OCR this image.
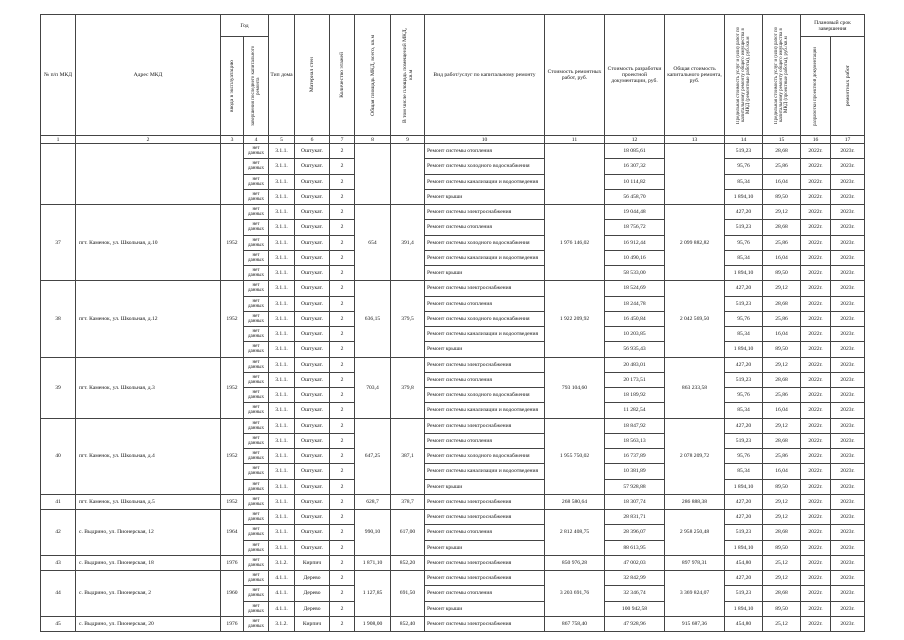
№ п/п МКД	Адрес МКД	Год		Тип дома	Материал стен	Количество этажей	Общая площадь МКД, всего, кв.м	В том числе площадь помещений МКД, кв.м	Вид работ/услуг по капитальному ремонту	Стоимость ремонтных работ, руб.	Стоимость разработки проектной документации, руб.	Общая стоимость капитального ремонта, руб.	Предельная стоимость услуг и (или) работ по капитальному ремонту общего имущества в МКД (ремонтные работы), руб./кв.м	Предельная стоимость услуг и (или) работ по капитальному ремонту общего имущества в МКД (проектные работы), руб./кв.м	Плановый срок завершения	

		ввода в эксплуатацию	завершения последнего капитального ремонта												разработки проектной документации	ремонтных работ

1	2	3	4	5	6	7	8	9	10	11	12	13	14	15	16	17
			нет данных	3.1.1.	Оштукат.	2			Ремонт системы отопления		18 085,61		519,23	28,68	2022г.	2023г.
			нет данных	3.1.1.	Оштукат.	2			Ремонт системы холодного водоснабжения		16 307,32		95,76	25,86	2022г.	2023г.
			нет данных	3.1.1.	Оштукат.	2			Ремонт системы канализации и водоотведения		10 114,82		85,34	16,04	2022г.	2023г.
			нет данных	3.1.1.	Оштукат.	2			Ремонт крыши		56 458,70		1 894,10	89,50	2022г.	2023г.
37	пгт. Каменок, ул. Школьная, д.10	1952	нет данных	3.1.1.	Оштукат.	2	654	391,4	Ремонт системы электроснабжения	1 976 146,02	19 044,48	2 099 882,82	427,20	29,12	2022г.	2023г.
			нет данных	3.1.1.	Оштукат.	2			Ремонт системы отопления		18 756,72		519,23	28,68	2022г.	2023г.
			нет данных	3.1.1.	Оштукат.	2			Ремонт системы холодного водоснабжения		16 912,44		95,76	25,86	2022г.	2023г.
			нет данных	3.1.1.	Оштукат.	2			Ремонт системы канализации и водоотведения		10 490,16		85,34	16,04	2022г.	2023г.
			нет данных	3.1.1.	Оштукат.	2			Ремонт крыши		58 533,00		1 894,10	89,50	2022г.	2023г.
38	пгт. Каменок, ул. Школьная, д.12	1952	нет данных	3.1.1.	Оштукат.	2	636,15	379,5	Ремонт системы электроснабжения	1 922 209,92	18 524,69	2 042 569,50	427,20	29,12	2022г.	2023г.
			нет данных	3.1.1.	Оштукат.	2			Ремонт системы отопления		18 244,78		519,23	28,68	2022г.	2023г.
			нет данных	3.1.1.	Оштукат.	2			Ремонт системы холодного водоснабжения		16 450,84		95,76	25,86	2022г.	2023г.
			нет данных	3.1.1.	Оштукат.	2			Ремонт системы канализации и водоотведения		10 203,85		85,34	16,04	2022г.	2023г.
			нет данных	3.1.1.	Оштукат.	2			Ремонт крыши		56 935,43		1 894,10	89,50	2022г.	2023г.
39	пгт. Каменок, ул. Школьная, д.3	1952	нет данных	3.1.1.	Оштукат.	2	703,4	379,8	Ремонт системы электроснабжения	793 104,60	20 483,01	863 233,58	427,20	29,12	2022г.	2023г.
			нет данных	3.1.1.	Оштукат.	2			Ремонт системы отопления		20 173,51		519,23	28,68	2022г.	2023г.
			нет данных	3.1.1.	Оштукат.	2			Ремонт системы холодного водоснабжения		18 189,92		95,76	25,86	2022г.	2023г.
			нет данных	3.1.1.	Оштукат.	2			Ремонт системы канализации и водоотведения		11 282,54		85,34	16,04	2022г.	2023г.
40	пгт. Каменок, ул. Школьная, д.4	1952	нет данных	3.1.1.	Оштукат.	2	647,25	387,1	Ремонт системы электроснабжения	1 955 750,02	18 847,92	2 078 209,72	427,20	29,12	2022г.	2023г.
			нет данных	3.1.1.	Оштукат.	2			Ремонт системы отопления		18 563,13		519,23	28,68	2022г.	2023г.
			нет данных	3.1.1.	Оштукат.	2			Ремонт системы холодного водоснабжения		16 737,89		95,76	25,86	2022г.	2023г.
			нет данных	3.1.1.	Оштукат.	2			Ремонт системы канализации и водоотведения		10 381,89		85,34	16,04	2022г.	2023г.
			нет данных	3.1.1.	Оштукат.	2			Ремонт крыши		57 928,88		1 894,10	89,50	2022г.	2023г.
41	пгт. Каменок, ул. Школьная, д.5	1952	нет данных	3.1.1.	Оштукат.	2	628,7	378,7	Ремонт системы электроснабжения	268 580,64	18 307,74	286 888,38	427,20	29,12	2022г.	2023г.
42	с. Выдрино, ул. Пионерская, 12	1964	нет данных	3.1.1.	Оштукат.	2	990,10	617,00	Ремонт системы электроснабжения	2 812 408,75	28 831,71	2 958 250,48	427,20	29,12	2022г.	2023г.
			нет данных	3.1.1.	Оштукат.	2			Ремонт системы отопления		28 396,07		519,23	28,68	2022г.	2023г.
			нет данных	3.1.1.	Оштукат.	2			Ремонт крыши		88 613,95		1 894,10	89,50	2022г.	2023г.
43	с. Выдрино, ул. Пионерская, 18	1976	нет данных	3.1.2.	Кирпич	2	1 871,10	852,20	Ремонт системы электроснабжения	850 976,28	47 002,03	897 978,31	454,80	25,12	2022г.	2023г.
44	с. Выдрино, ул. Пионерская, 2	1960	нет данных	4.1.1.	Дерево	2	1 127,85	691,50	Ремонт системы электроснабжения	3 203 691,76	32 842,99	3 369 824,07	427,20	29,12	2022г.	2023г.
			нет данных	4.1.1.	Дерево	2			Ремонт системы отопления		32 346,74		519,23	28,68	2022г.	2023г.
			нет данных	4.1.1.	Дерево	2			Ремонт крыши		100 942,58		1 894,10	89,50	2022г.	2023г.
45	с. Выдрино, ул. Пионерская, 20	1976	нет данных	3.1.2.	Кирпич	2	1 908,00	852,40	Ремонт системы электроснабжения	867 758,40	47 928,96	915 687,36	454,80	25,12	2022г.	2023г.
